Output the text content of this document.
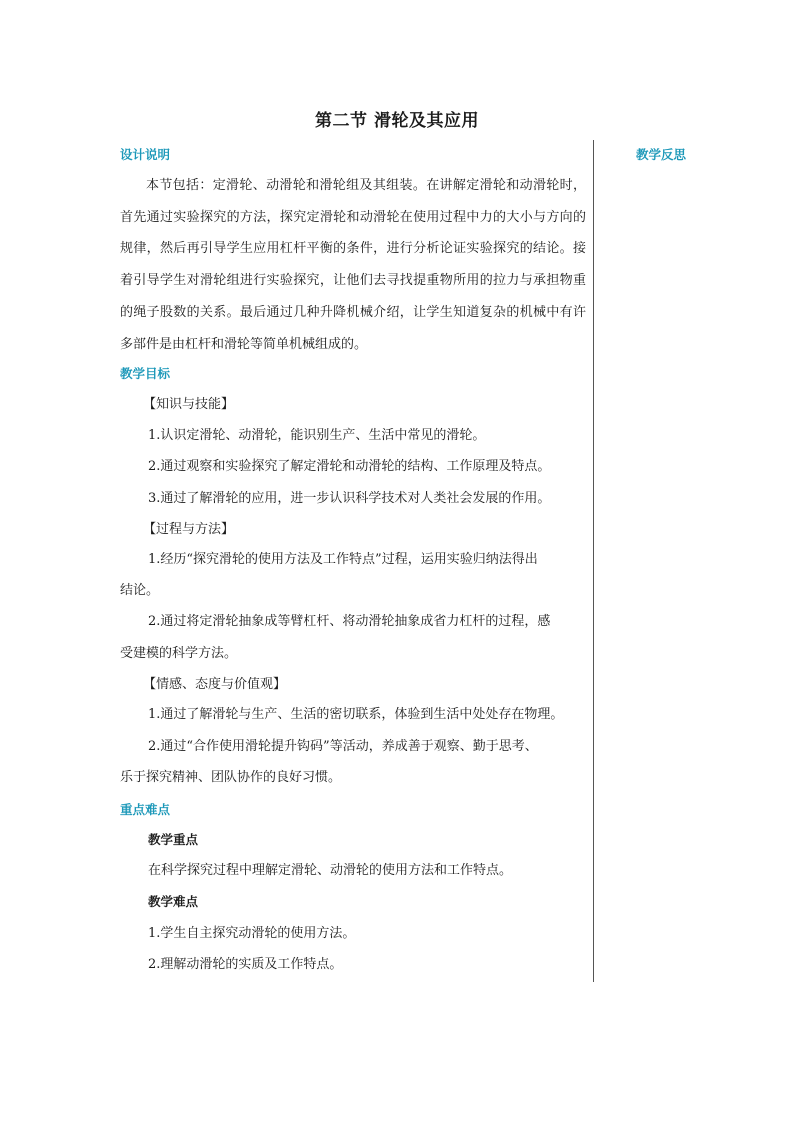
第二节 滑轮及其应用
教学反思
设计说明
本节包括：定滑轮、动滑轮和滑轮组及其组装。在讲解定滑轮和动滑轮时，首先通过实验探究的方法，探究定滑轮和动滑轮在使用过程中力的大小与方向的规律，然后再引导学生应用杠杆平衡的条件，进行分析论证实验探究的结论。接着引导学生对滑轮组进行实验探究，让他们去寻找提重物所用的拉力与承担物重的绳子股数的关系。最后通过几种升降机械介绍，让学生知道复杂的机械中有许多部件是由杠杆和滑轮等简单机械组成的。
教学目标
【知识与技能】
1.认识定滑轮、动滑轮，能识别生产、生活中常见的滑轮。
2.通过观察和实验探究了解定滑轮和动滑轮的结构、工作原理及特点。
3.通过了解滑轮的应用，进一步认识科学技术对人类社会发展的作用。
【过程与方法】
1.经历“探究滑轮的使用方法及工作特点”过程，运用实验归纳法得出
结论。
2.通过将定滑轮抽象成等臂杠杆、将动滑轮抽象成省力杠杆的过程，感
受建模的科学方法。
【情感、态度与价值观】
1.通过了解滑轮与生产、生活的密切联系，体验到生活中处处存在物理。
2.通过“合作使用滑轮提升钩码”等活动，养成善于观察、勤于思考、
乐于探究精神、团队协作的良好习惯。
重点难点
教学重点
在科学探究过程中理解定滑轮、动滑轮的使用方法和工作特点。
教学难点
1.学生自主探究动滑轮的使用方法。
2.理解动滑轮的实质及工作特点。
